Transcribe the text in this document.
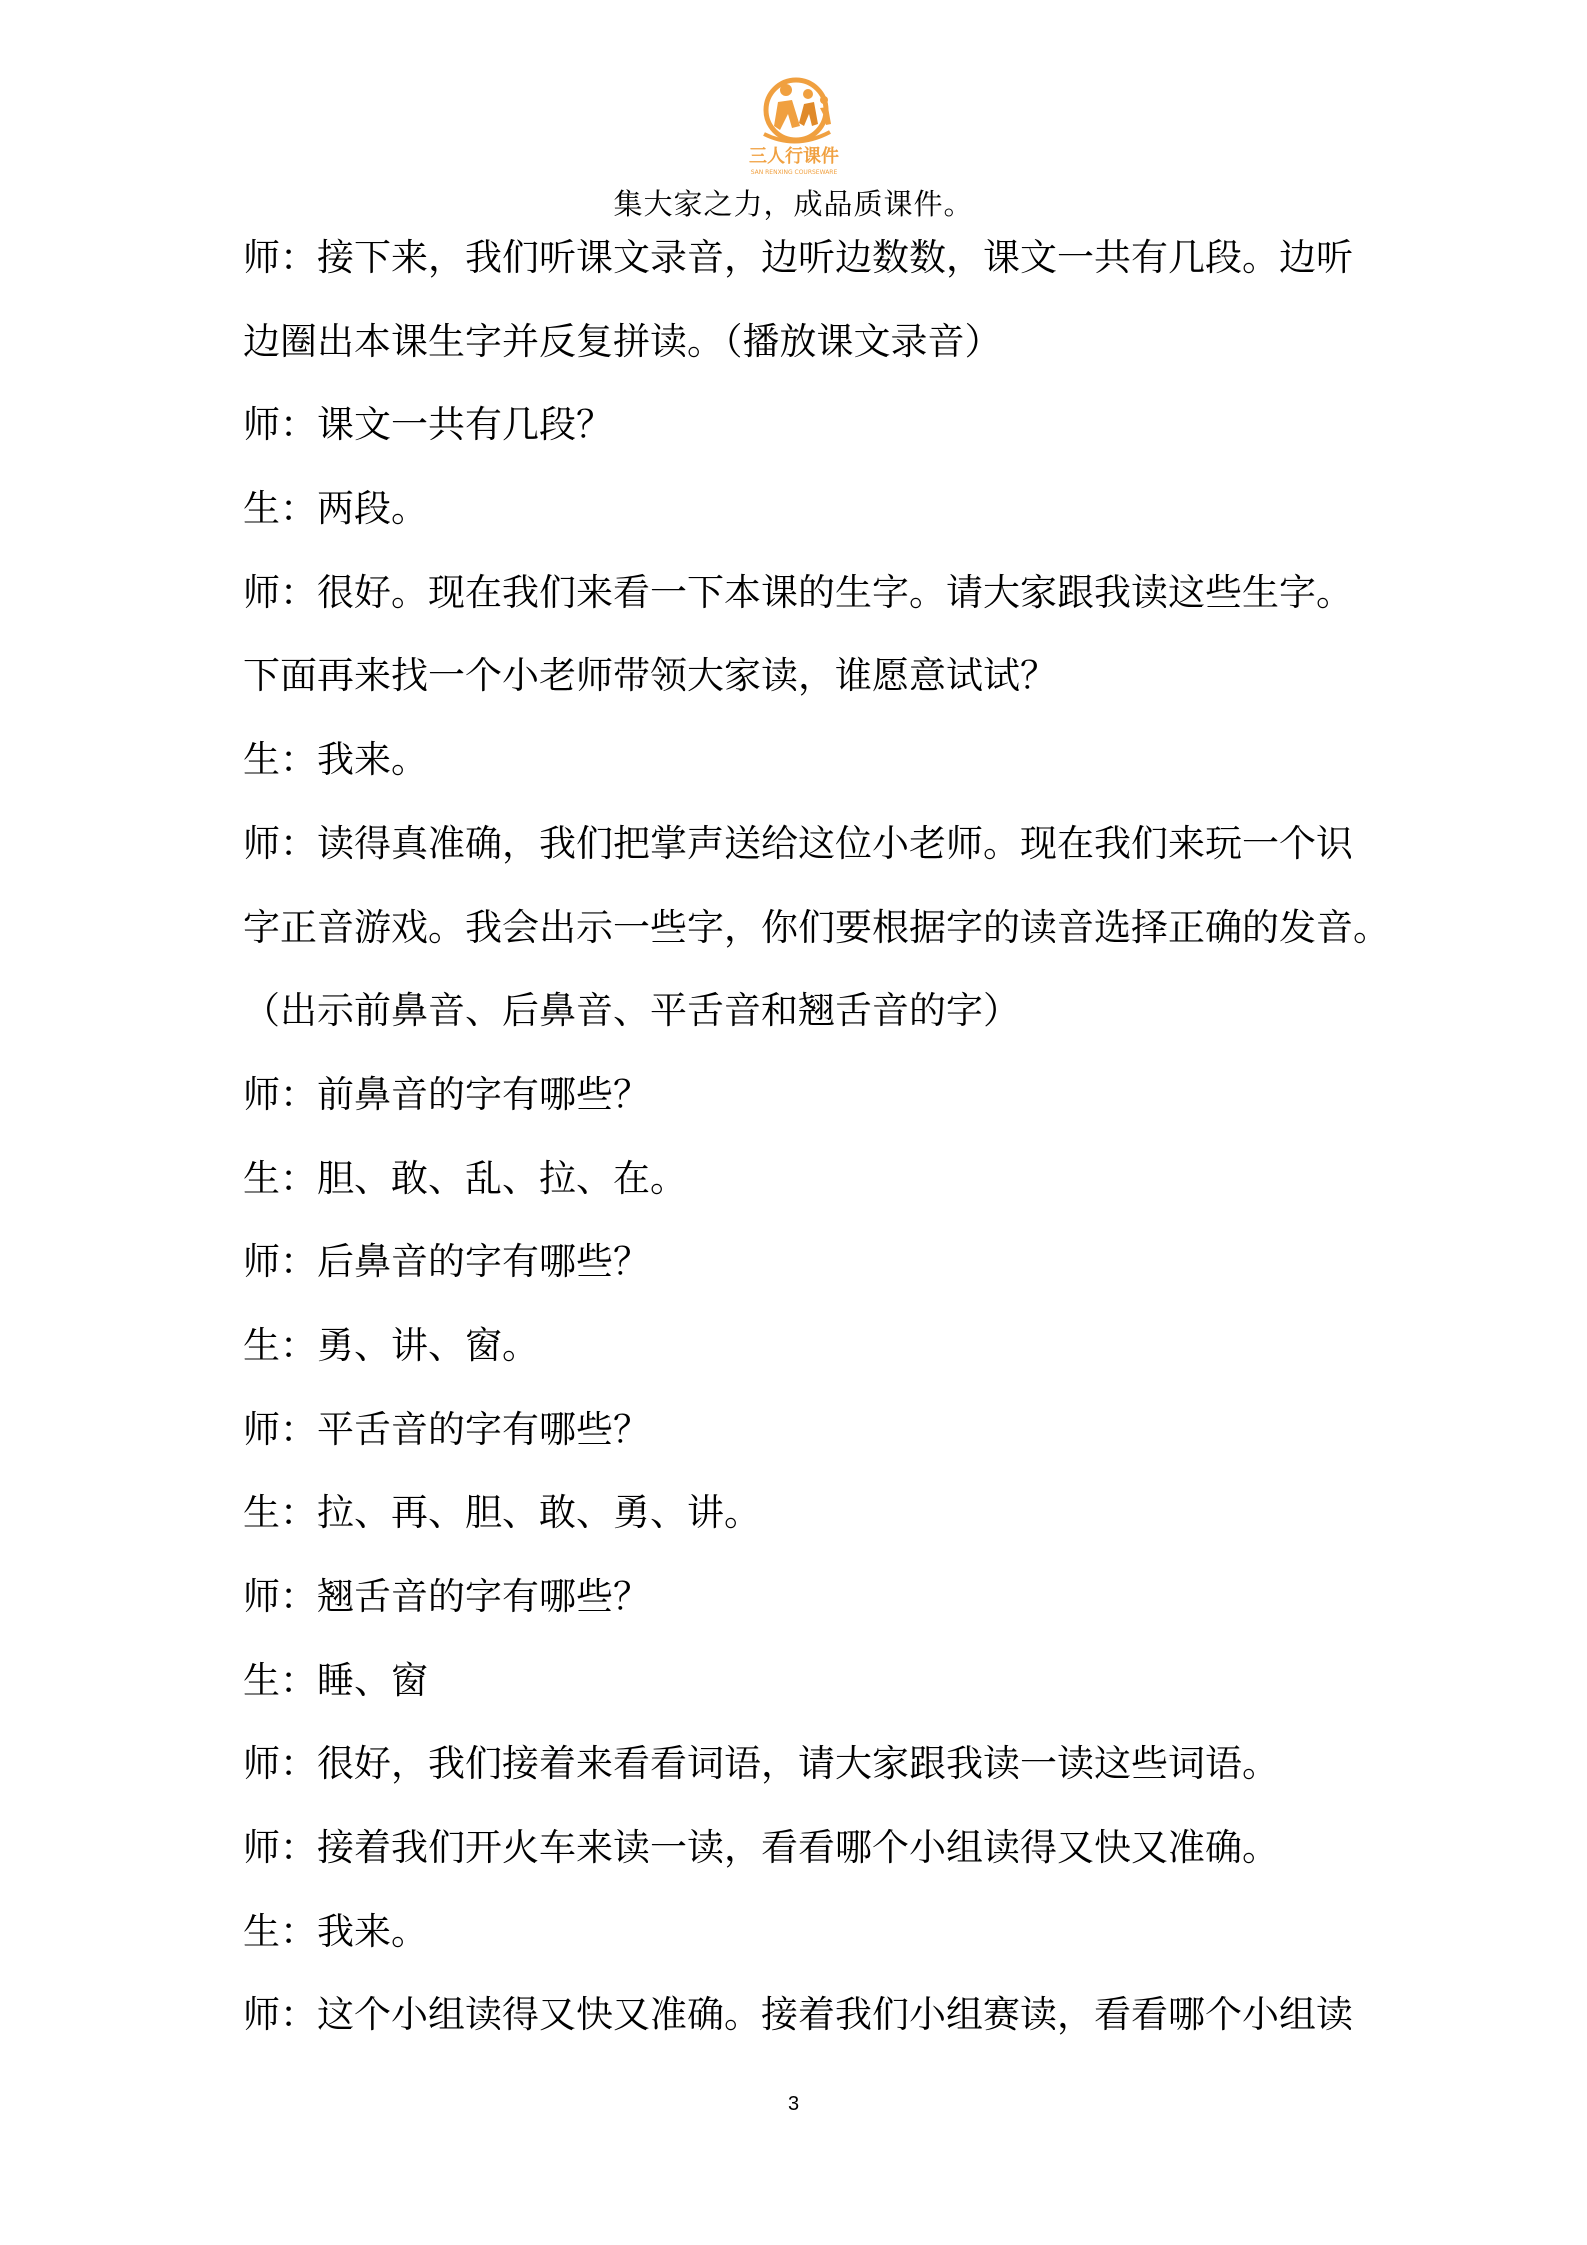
三人行课件
SAN RENXING COURSEWARE
集大家之力，成品质课件。
师：接下来，我们听课文录音，边听边数数，课文一共有几段。边听
边圈出本课生字并反复拼读。（播放课文录音）
师：课文一共有几段？
生：两段。
师：很好。现在我们来看一下本课的生字。请大家跟我读这些生字。
下面再来找一个小老师带领大家读，谁愿意试试？
生：我来。
师：读得真准确，我们把掌声送给这位小老师。现在我们来玩一个识
字正音游戏。我会出示一些字，你们要根据字的读音选择正确的发音。
（出示前鼻音、后鼻音、平舌音和翘舌音的字）
师：前鼻音的字有哪些？
生：胆、敢、乱、拉、在。
师：后鼻音的字有哪些？
生：勇、讲、窗。
师：平舌音的字有哪些？
生：拉、再、胆、敢、勇、讲。
师：翘舌音的字有哪些？
生：睡、窗
师：很好，我们接着来看看词语，请大家跟我读一读这些词语。
师：接着我们开火车来读一读，看看哪个小组读得又快又准确。
生：我来。
师：这个小组读得又快又准确。接着我们小组赛读，看看哪个小组读
3
